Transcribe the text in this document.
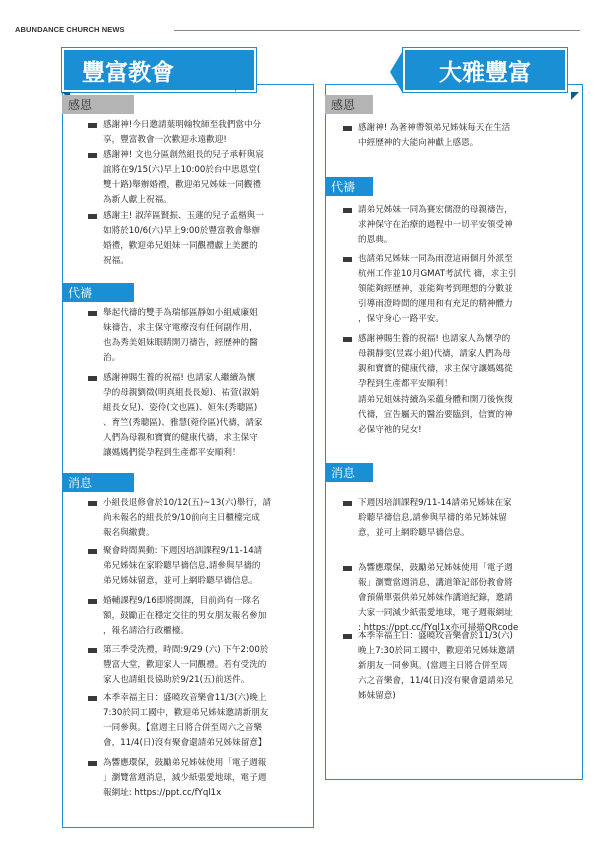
ABUNDANCE CHURCH NEWS
豐富教會	大雅豐富
感恩
感謝神!今日邀請葉明翰牧師至我們當中分
享，豐富教會一次歡迎永遠歡迎!
感謝神! 文也分區創然組長的兒子承軒與宸
誼將在9/15(六)早上10:00於台中思恩堂(
雙十路)舉辦婚禮，歡迎弟兄姊妹一同觀禮
為新人獻上祝福。
感謝主! 淑萍區賢振、玉蓮的兒子孟楷與一
如將於10/6(六)早上9:00於豐富教會舉辦
婚禮，歡迎弟兄姐妹一同觀禮獻上美麗的
祝福。
代禱
舉起代禱的雙手為瑞郁區靜如小組威廉姐
妹禱告，求主保守電療沒有任何副作用，
也為秀美姐妹眼睛開刀禱告，經歷神的醫
治。
感謝神賜生養的祝福! 也請家人繼續為懷
孕的母親劉徵(明真組長長媳)、祐萱(淑娟
組長女兒)、姿伶(文也區)、姮朱(秀聰區)
、育竺(秀聰區)、雅慧(菀伶區)代禱，請家
人們為母親和寶寶的健康代禱，求主保守
讓媽媽們從孕程到生產都平安順利！
消息
小組長退修會於10/12(五)~13(六)舉行，請
尚未報名的組長於9/10前向主日櫃檯完成
報名與繳費。
聚會時間異動: 下週因培訓課程9/11-14請
弟兄姊妹在家聆聽早禱信息,請參與早禱的
弟兄姊妹留意，並可上網聆聽早禱信息。
婚輔課程9/16即將開課，目前尚有一隊名
額，鼓勵正在穩定交往的男女朋友報名參加
，報名請洽行政櫃檯。
第三季受洗禮，時間:9/29 (六) 下午2:00於
豐富大堂，歡迎家人一同觀禮。若有受洗的
家人也請組長協助於9/21(五)前送件。
本季幸福主日：盛曉玫音樂會11/3(六)晚上
7:30於同工國中，歡迎弟兄姊妹邀請新朋友
一同參與。【當週主日將合併至周六之音樂
會，11/4(日)沒有聚會還請弟兄姊妹留意】
為響應環保，鼓勵弟兄姊妹使用「電子週報
」瀏覽當週消息，減少紙張愛地球，電子週
報網址: https://ppt.cc/fYql1x
感恩
感謝神! 為著神帶領弟兄姊妹每天在生活
中經歷神的大能向神獻上感恩。
代禱
請弟兄姊妹一同為賽宏儒澄的母親禱告，
求神保守在治療的過程中一切平安領受神
的恩典。
也請弟兄姊妹一同為雨澄這兩個月外派至
杭州工作並10月GMAT考試代 禱，求主引
領能夠經歷神，並能夠考到理想的分數並
引導雨澄時間的運用和有充足的精神體力
，保守身心一路平安。
感謝神賜生養的祝福! 也請家人為懷孕的
母親靜雯(昱霖小組)代禱，請家人們為母
親和寶寶的健康代禱，求主保守讓媽媽從
孕程到生產都平安順利！
請弟兄姐妹持續為采藴身體和開刀後恢復
代禱，宣告屬天的醫治要臨到，信實的神
必保守祂的兒女!
消息
下週因培訓課程9/11-14請弟兄姊妹在家
聆聽早禱信息,請參與早禱的弟兄姊妹留
意，並可上網聆聽早禱信息。
為響應環保，鼓勵弟兄姊妹使用「電子週
報」瀏覽當週消息，講道筆記部份教會將
會預備單張供弟兄姊妹作講道紀錄，邀請
大家一同減少紙張愛地球，電子週報網址
: https://ppt.cc/fYql1x亦可掃描QRcode
本季幸福主日：盛曉玫音樂會於11/3(六)
晚上7:30於同工國中，歡迎弟兄姊妹邀請
新朋友一同參與。(當週主日將合併至周
六之音樂會，11/4(日)沒有聚會還請弟兄
姊妹留意)
